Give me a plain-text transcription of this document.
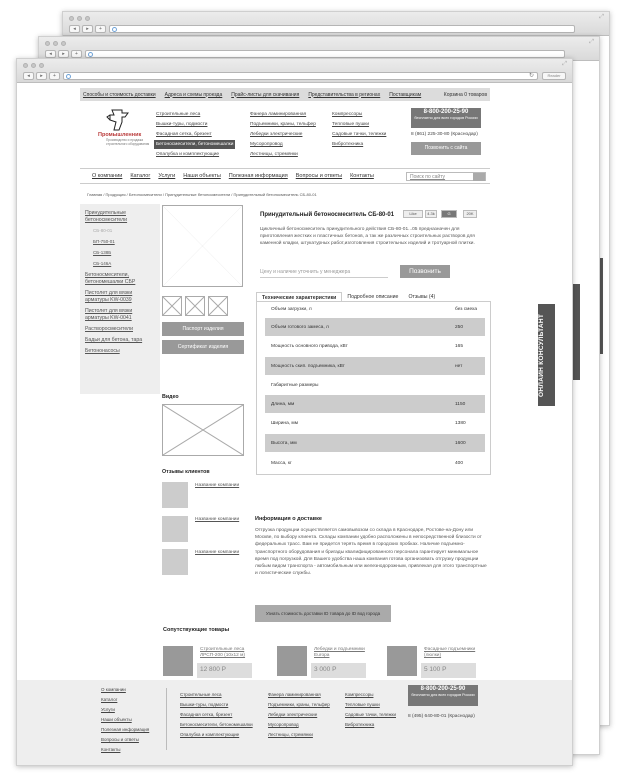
◂	▸	+
⤢
◂	▸	+
⤢
◂	▸	+	↻	Reader
⤢
Способы и стоимость доставки Адреса и схемы проезда Прайс-листы для скачивания Представительства в регионах Поставщикам	Корзина 0 товаров
Промышленник
Производство и продажа строительного оборудования
Строительные леса
Вышки-туры, подмости
Фасадная сетка, брезент
Бетоносмесители, бетономешалки
Опалубка и комплектующие
Фанера ламинированная
Подъемники, краны, тельфер
Лебедки электрические
Мусоропровод
Лестницы, стремянки
Компрессоры
Тепловые пушки
Садовые тачки, тележки
Вибротехника
8-800-200-25-90
бесплатно для всех городов России
8 (861) 225-30-80 (Краснодар)
Позвонить с сайта
О компании Каталог Услуги Наши объекты Полезная информация Вопросы и ответы Контакты	Поиск по сайту
Главная / Продукция / Бетоносмесители / Принудительные бетоносмесители / Принудительный бетоносмеситель СБ-80-01
Принудительные бетоносмесители
СБ-80-01
БП-750-01
СБ-138Б
СБ-146А
Бетоносмесители, бетономешалки СБР
Пистолет для вязки арматуры KW-0039
Пистолет для вязки арматуры KW-0041
Растворосмесители
Бадьи для бетона, тара
Бетононасосы
Паспорт изделия
Сертификат изделия
Видео
Отзывы клиентов
Название компании
Название компании
Название компании
Принудительный бетоносмеситель СБ-80-01	Like	4.3k	G	20K
Цикличный бетоносмеситель принудительного действия СБ-80-01...05 предназначен для приготовления жестких и пластичных бетонов, а так же различных строительных растворов для каменной кладки, штукатурных работ,изготовления строительных изделий и тротуарной плитки.
Цену и наличие уточнить у менеджера	Позвонить
Технические характеристики	Подробное описание	Отзывы (4)
Объем загрузки, л	без смеха
Объем готового замеса, л	250
Мощность основного привода, кВт	165
Мощность скип. подъемника, кВт	нет
Габаритные размеры
Длина, мм	1150
Ширина, мм	1380
Высота, мм	1600
Масса, кг	400
Информация о доставке
Отгрузка продукции осуществляется самовывозом со склада в Краснодаре, Ростове-на-Дону или Москве, по выбору клиента. Склады компании удобно расположены в непосредственной близости от федеральных трасс. Вам не придется терять время в городских пробках. Наличие подъемно-транспортного оборудования и бригады квалифицированного персонала гарантирует минимальное время под погрузкой. Для Вашего удобства наша компания готова организовать отгрузку продукции любым видом транспорта - автомобильным или железнодорожным, привлекая для этого транспортные и логистические службы.
Узнать стоимость доставки ID товара до ID вод города
Сопутствующие товары
Строительные леса ЛРСП-200 (10x12 м)
12 800 Р
Лебедки и подъемники Europa
3 000 Р
Фасадные подъемники (люлки)
5 100 Р
О компании
Каталог
Услуги
Наши объекты
Полезная информация
Вопросы и ответы
Контакты
Строительные леса
Вышки-туры, подмости
Фасадная сетка, брезент
Бетоносмесители, бетономешалки
Опалубка и комплектующие
Фанера ламинированная
Подъемники, краны, тельфер
Лебедки электрические
Мусоропровод
Лестницы, стремянки
Компрессоры
Тепловые пушки
Садовые тачки, тележки
Вибротехника
8-800-200-25-90
бесплатно для всех городов России
8 (495) 640-80-01 (Краснодар)
ОНЛАЙН КОНСУЛЬТАНТ
